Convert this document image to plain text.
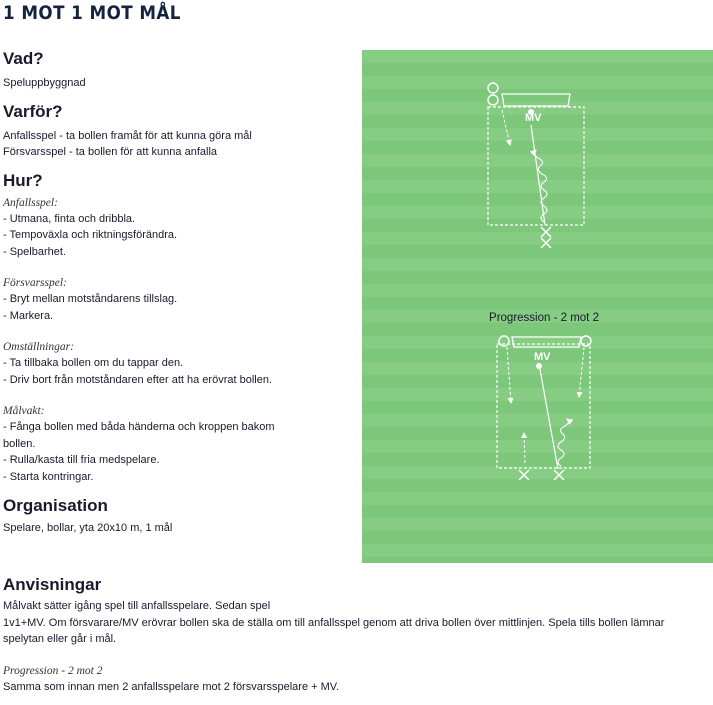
1 MOT 1 MOT MÅL
Vad?

Speluppbyggnad

Varför?

Anfallsspel - ta bollen framåt för att kunna göra mål

Försvarsspel - ta bollen för att kunna anfalla

Hur?

Anfallsspel:

- Utmana, finta och dribbla.

- Tempoväxla och riktningsförändra.

- Spelbarhet.

Försvarsspel:

- Bryt mellan motståndarens tillslag.

- Markera.

Omställningar:

- Ta tillbaka bollen om du tappar den.

- Driv bort från motståndaren efter att ha erövrat bollen.

Målvakt:

- Fånga bollen med båda händerna och kroppen bakom

bollen.

- Rulla/kasta till fria medspelare.

- Starta kontringar.

Organisation

Spelare, bollar, yta 20x10 m, 1 mål

Anvisningar

Målvakt sätter igång spel till anfallsspelare. Sedan spel

1v1+MV. Om försvarare/MV erövrar bollen ska de ställa om till anfallsspel genom att driva bollen över mittlinjen. Spela tills bollen lämnar

spelytan eller går i mål.

Progression - 2 mot 2

Samma som innan men 2 anfallsspelare mot 2 försvarsspelare + MV.

MV
Progression - 2 mot 2
MV
